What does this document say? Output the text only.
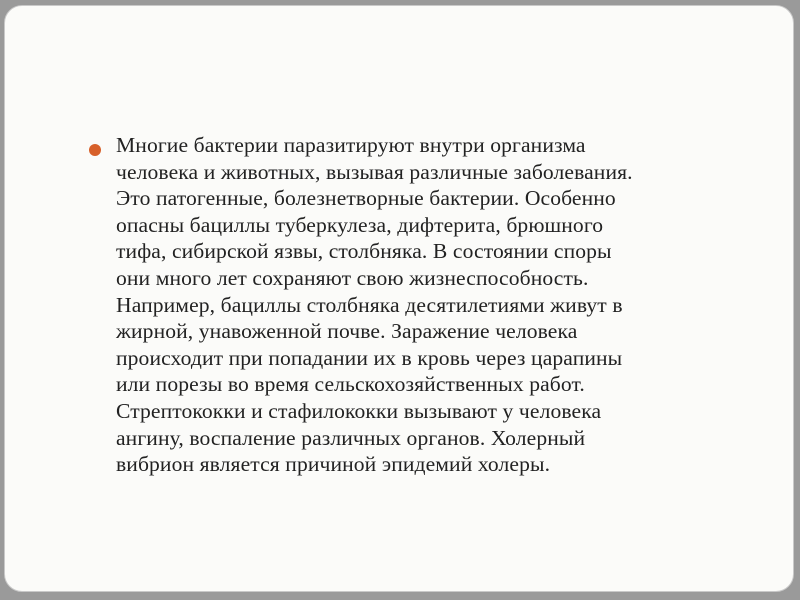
Многие бактерии паразитируют внутри организма
человека и животных, вызывая различные заболевания.
Это патогенные, болезнетворные бактерии. Особенно
опасны бациллы туберкулеза, дифтерита, брюшного
тифа, сибирской язвы, столбняка. В состоянии споры
они много лет сохраняют свою жизнеспособность.
Например, бациллы столбняка десятилетиями живут в
жирной, унавоженной почве. Заражение человека
происходит при попадании их в кровь через царапины
или порезы во время сельскохозяйственных работ.
Стрептококки и стафилококки вызывают у человека
ангину, воспаление различных органов. Холерный
вибрион является причиной эпидемий холеры.
